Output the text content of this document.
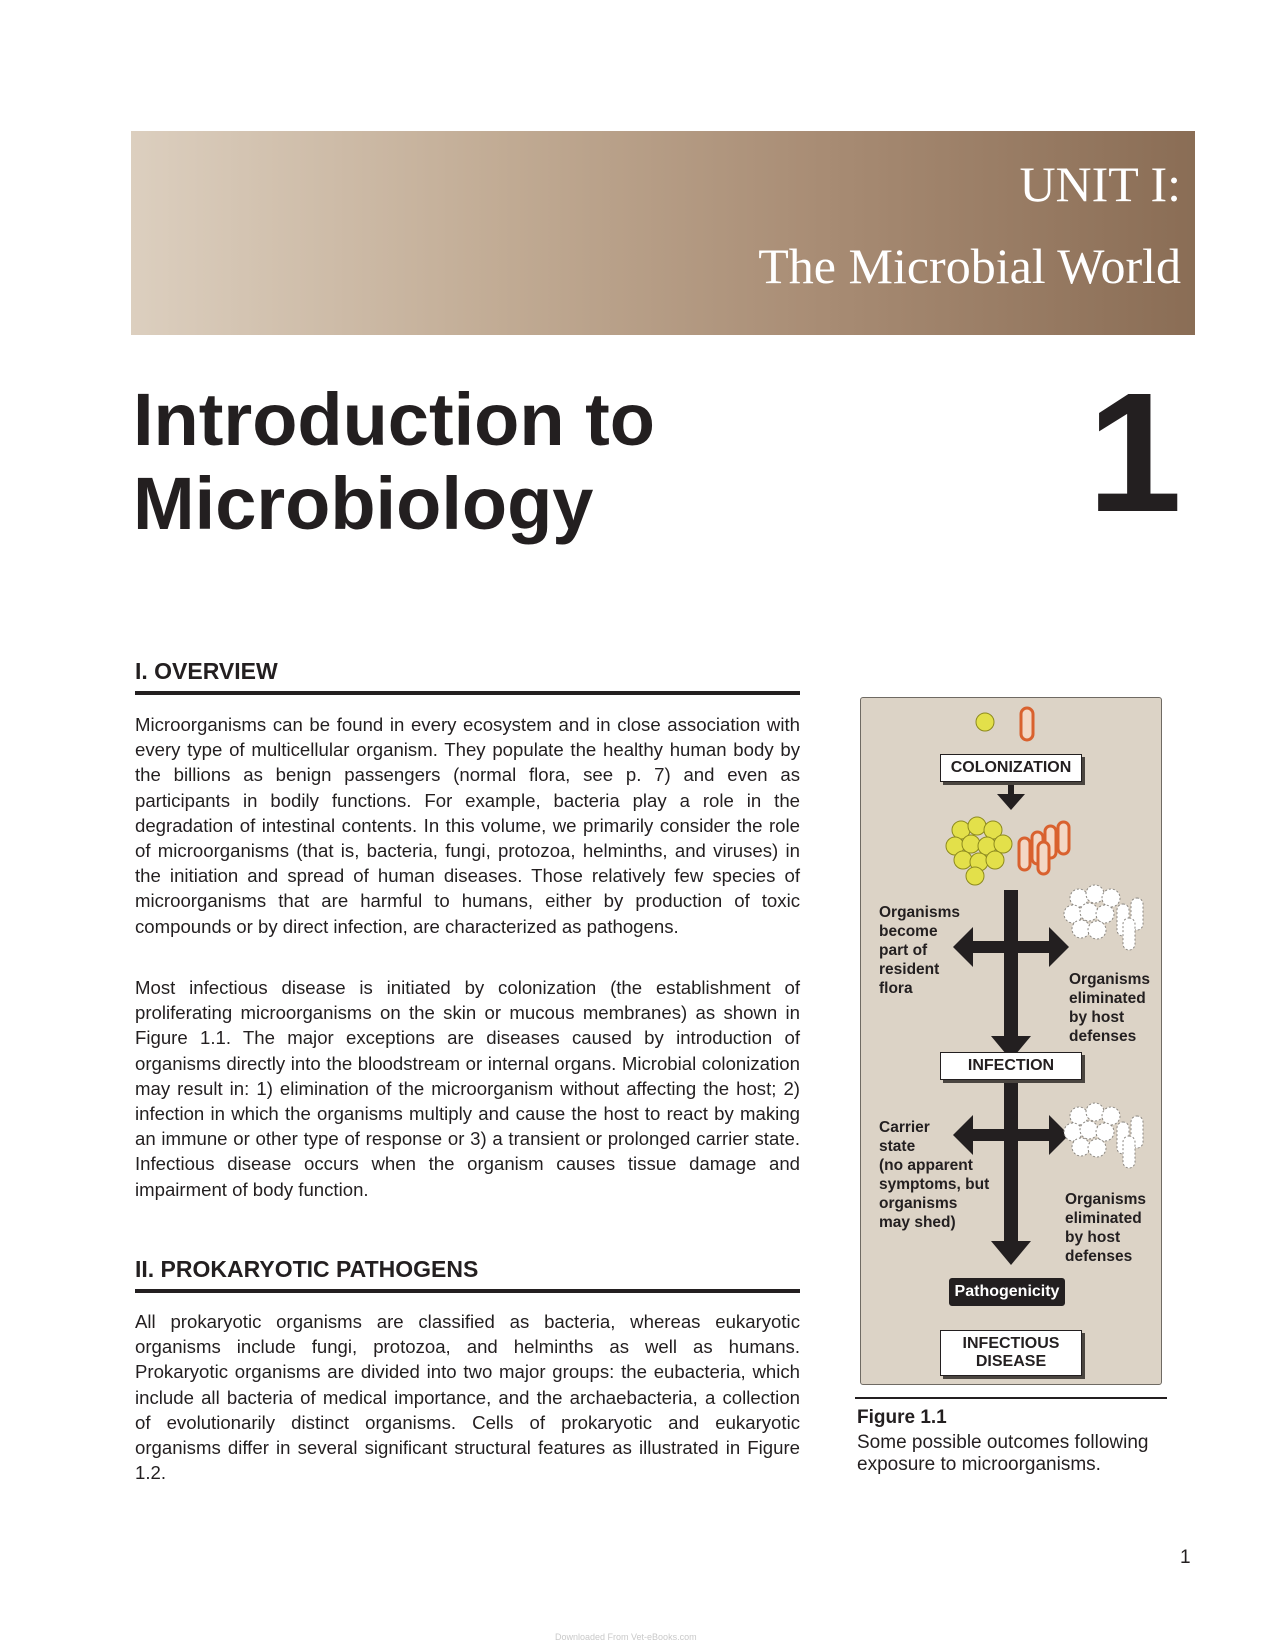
UNIT I:
The Microbial World
Introduction to Microbiology	1
I. OVERVIEW

Microorganisms can be found in every ecosystem and in close association with every type of multicellular organism. They populate the healthy human body by the billions as benign passengers (normal flora, see p. 7) and even as participants in bodily functions. For example, bacteria play a role in the degradation of intestinal contents. In this volume, we primarily consider the role of microorganisms (that is, bacteria, fungi, protozoa, helminths, and viruses) in the initiation and spread of human diseases. Those relatively few species of microorganisms that are harmful to humans, either by production of toxic compounds or by direct infection, are characterized as pathogens.

Most infectious disease is initiated by colonization (the establishment of proliferating microorganisms on the skin or mucous membranes) as shown in Figure 1.1. The major exceptions are diseases caused by introduction of organisms directly into the bloodstream or internal organs. Microbial colonization may result in: 1) elimination of the microorganism without affecting the host; 2) infection in which the organisms multiply and cause the host to react by making an immune or other type of response or 3) a transient or prolonged carrier state. Infectious disease occurs when the organism causes tissue damage and impairment of body function.

II. PROKARYOTIC PATHOGENS

All prokaryotic organisms are classified as bacteria, whereas eukaryotic organisms include fungi, protozoa, and helminths as well as humans. Prokaryotic organisms are divided into two major groups: the eubacteria, which include all bacteria of medical importance, and the archaebacteria, a collection of evolutionarily distinct organisms. Cells of prokaryotic and eukaryotic organisms differ in several significant structural features as illustrated in Figure 1.2.

COLONIZATION
INFECTION
Pathogenicity
INFECTIOUS DISEASE
Organisms
become
part of
resident
flora
Organisms
eliminated
by host
defenses
Carrier
state
(no apparent
symptoms, but
organisms
may shed)
Organisms
eliminated
by host
defenses
Figure 1.1
Some possible outcomes following exposure to microorganisms.
1
Downloaded From Vet-eBooks.com
